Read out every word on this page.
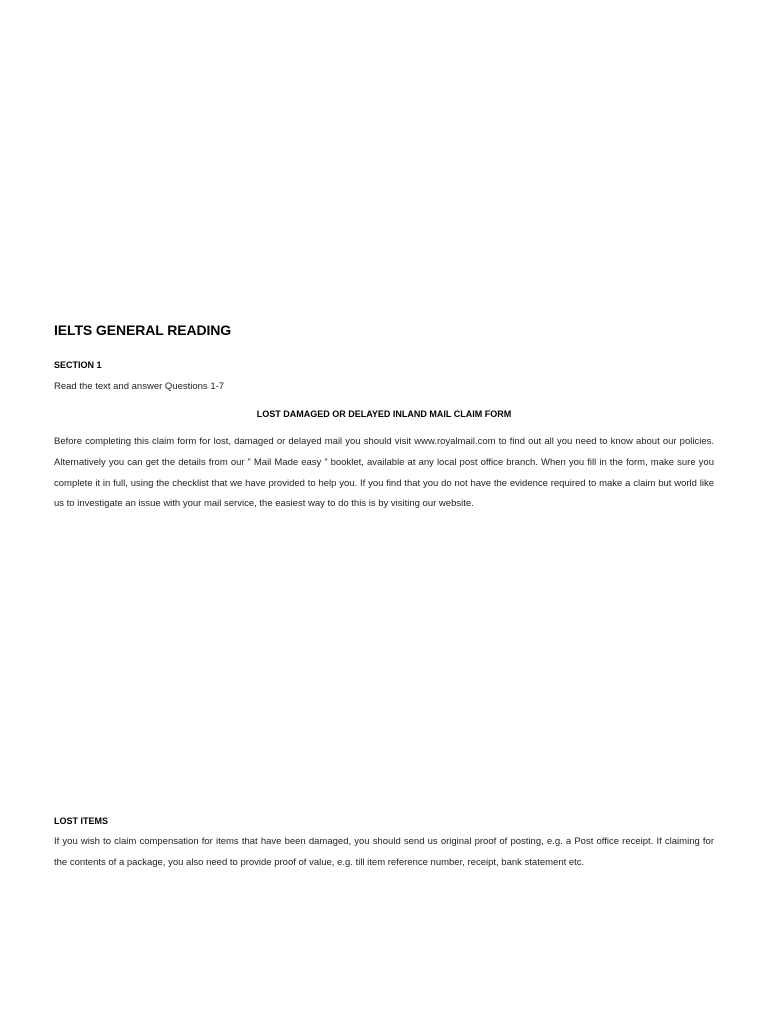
IELTS GENERAL READING
SECTION 1
Read the text and answer Questions 1-7
LOST DAMAGED OR DELAYED INLAND MAIL CLAIM FORM

Before completing this claim form for lost, damaged or delayed mail you should visit www.royalmail.com to find out all you need to know about our policies. Alternatively you can get the details from our ” Mail Made easy ” booklet, available at any local post office branch. When you fill in the form, make sure you complete it in full, using the checklist that we have provided to help you. If you find that you do not have the evidence required to make a claim but world like us to investigate an issue with your mail service, the easiest way to do this is by visiting our website.

LOST ITEMS

If you wish to claim compensation for items that have been damaged, you should send us original proof of posting, e.g. a Post office receipt. If claiming for the contents of a package, you also need to provide proof of value, e.g. till item reference number, receipt, bank statement etc.
